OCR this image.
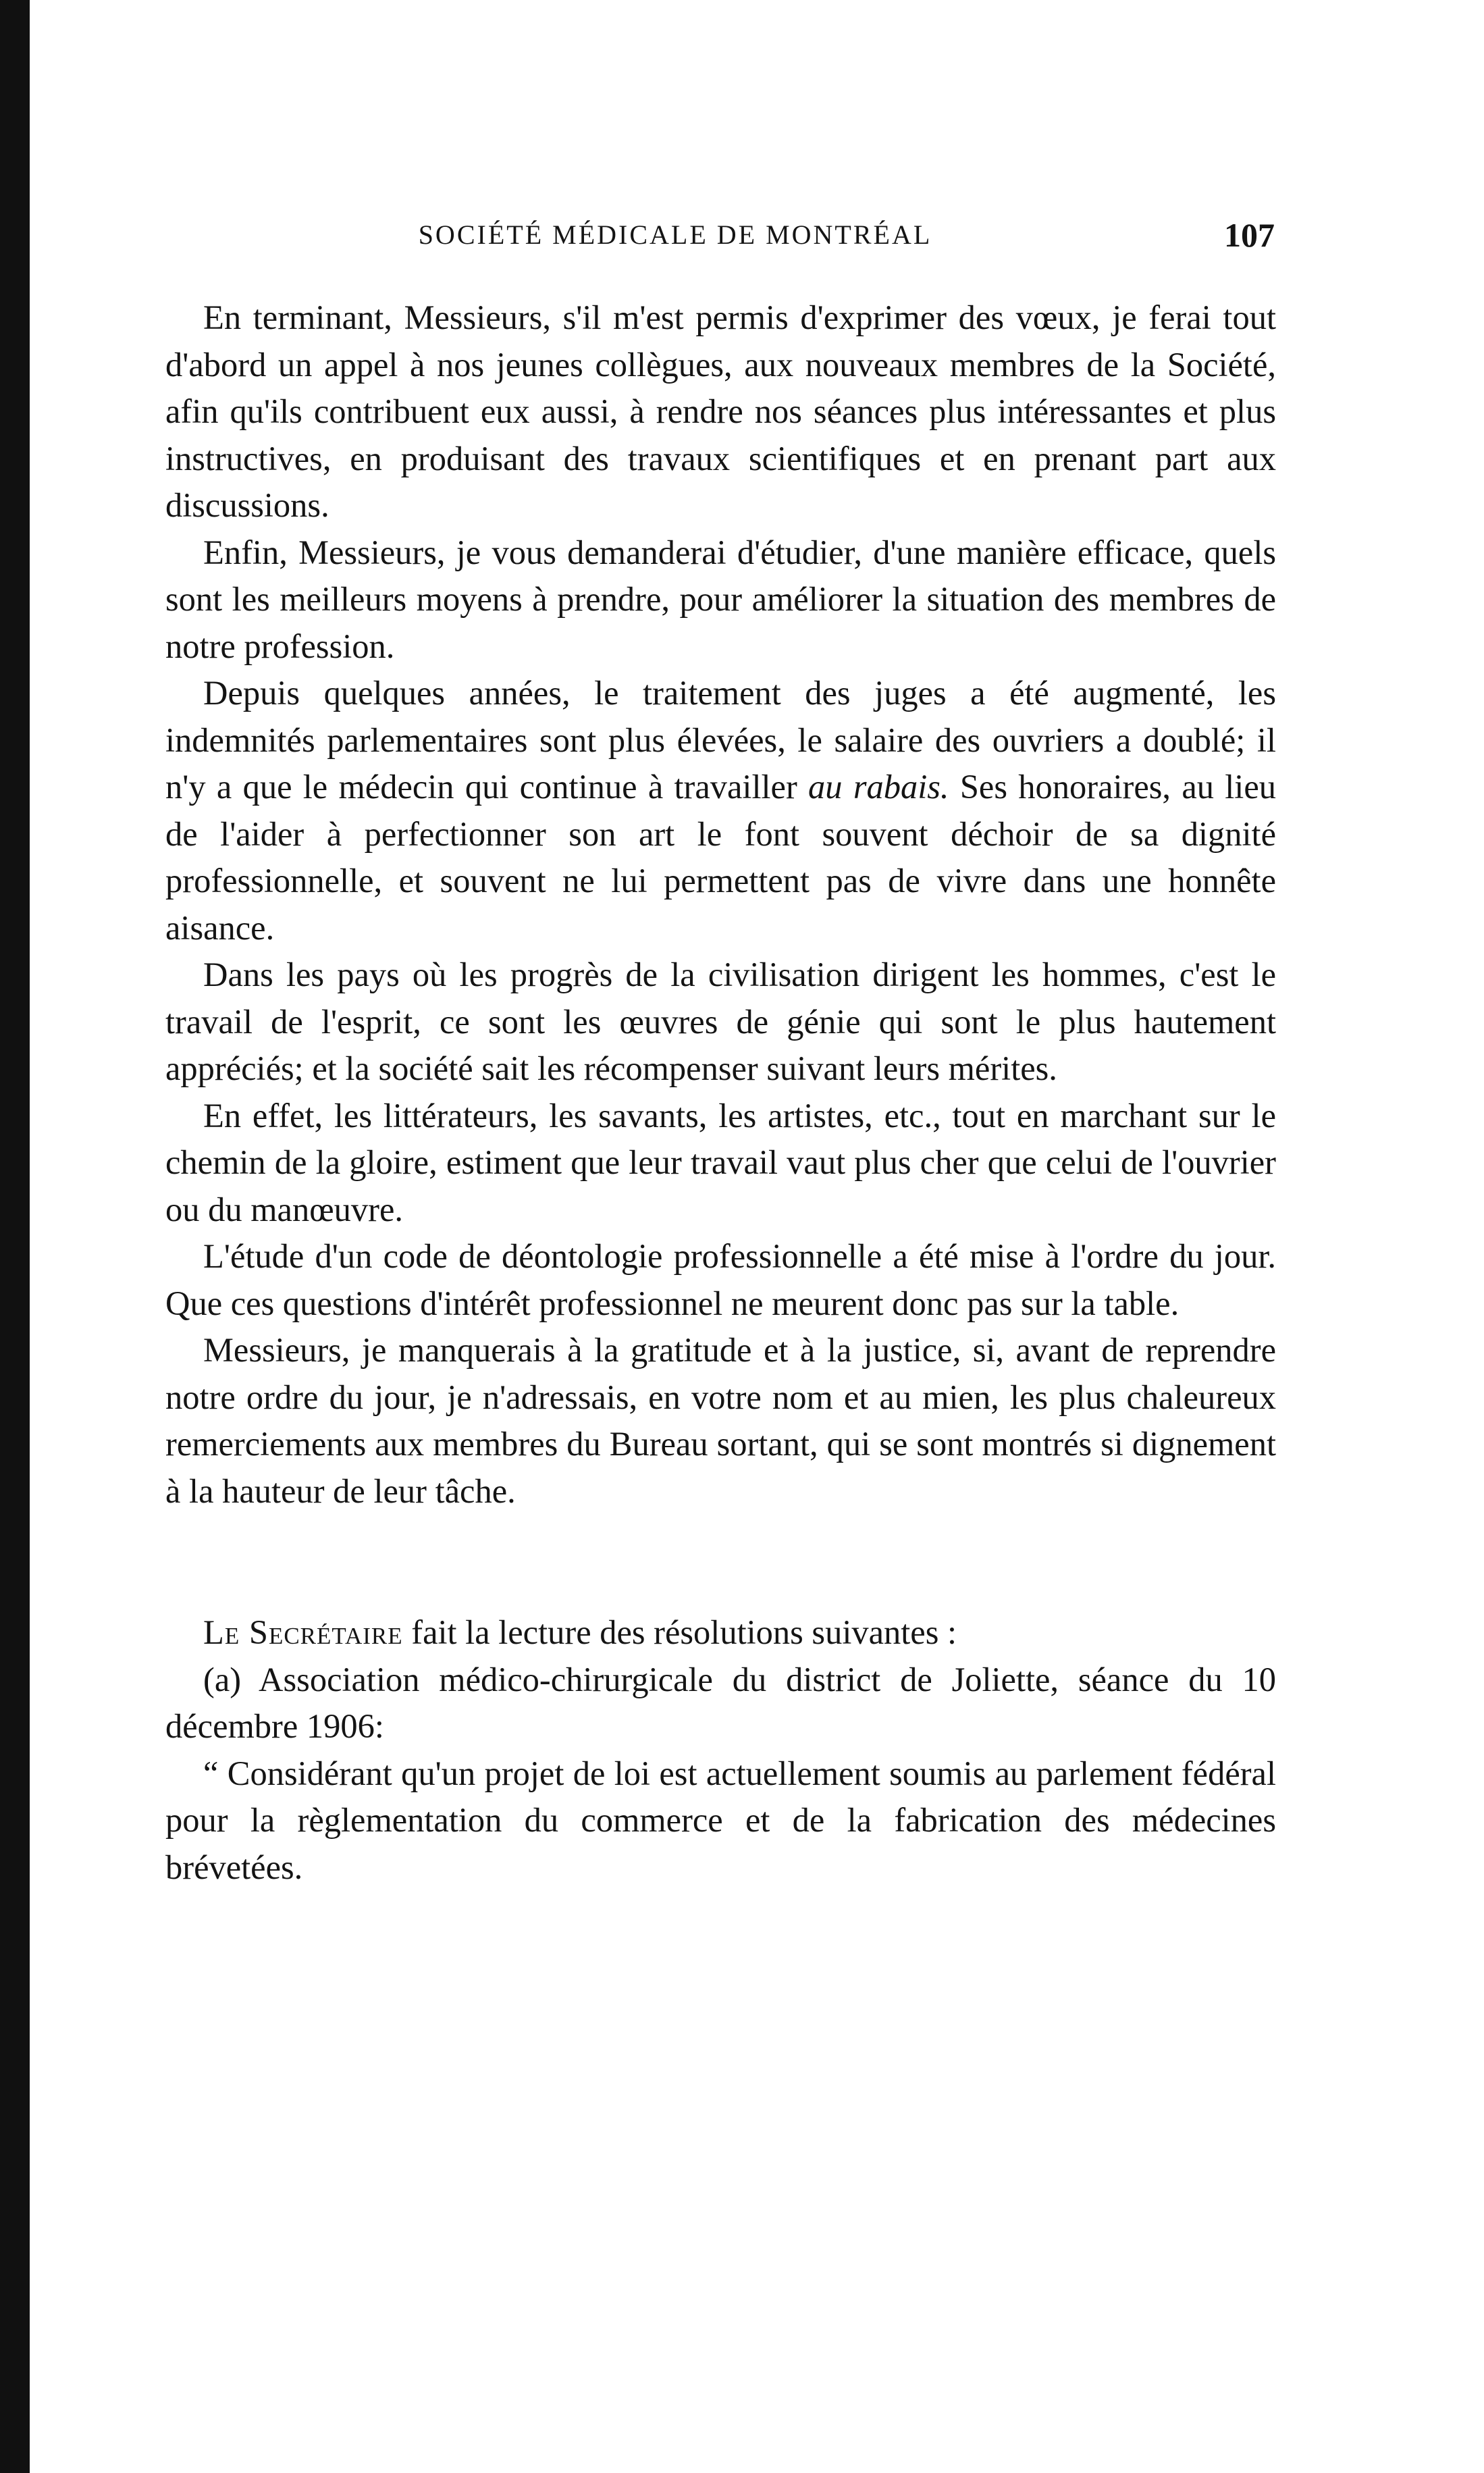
SOCIÉTÉ MÉDICALE DE MONTRÉAL	107

En terminant, Messieurs, s'il m'est permis d'exprimer des vœux, je ferai tout d'abord un appel à nos jeunes collègues, aux nouveaux membres de la Société, afin qu'ils contribuent eux aussi, à rendre nos séances plus intéressantes et plus instructives, en produisant des travaux scientifiques et en prenant part aux discussions.

Enfin, Messieurs, je vous demanderai d'étudier, d'une manière efficace, quels sont les meilleurs moyens à prendre, pour améliorer la situation des membres de notre profession.

Depuis quelques années, le traitement des juges a été augmenté, les indemnités parlementaires sont plus élevées, le salaire des ouvriers a doublé; il n'y a que le médecin qui continue à travailler au rabais. Ses honoraires, au lieu de l'aider à perfectionner son art le font souvent déchoir de sa dignité professionnelle, et souvent ne lui permettent pas de vivre dans une honnête aisance.

Dans les pays où les progrès de la civilisation dirigent les hommes, c'est le travail de l'esprit, ce sont les œuvres de génie qui sont le plus hautement appréciés; et la société sait les récompenser suivant leurs mérites.

En effet, les littérateurs, les savants, les artistes, etc., tout en marchant sur le chemin de la gloire, estiment que leur travail vaut plus cher que celui de l'ouvrier ou du manœuvre.

L'étude d'un code de déontologie professionnelle a été mise à l'ordre du jour. Que ces questions d'intérêt professionnel ne meurent donc pas sur la table.

Messieurs, je manquerais à la gratitude et à la justice, si, avant de reprendre notre ordre du jour, je n'adressais, en votre nom et au mien, les plus chaleureux remerciements aux membres du Bureau sortant, qui se sont montrés si dignement à la hauteur de leur tâche.

Le Secrétaire fait la lecture des résolutions suivantes :

(a) Association médico-chirurgicale du district de Joliette, séance du 10 décembre 1906:

“ Considérant qu'un projet de loi est actuellement soumis au parlement fédéral pour la règlementation du commerce et de la fabrication des médecines brévetées.
